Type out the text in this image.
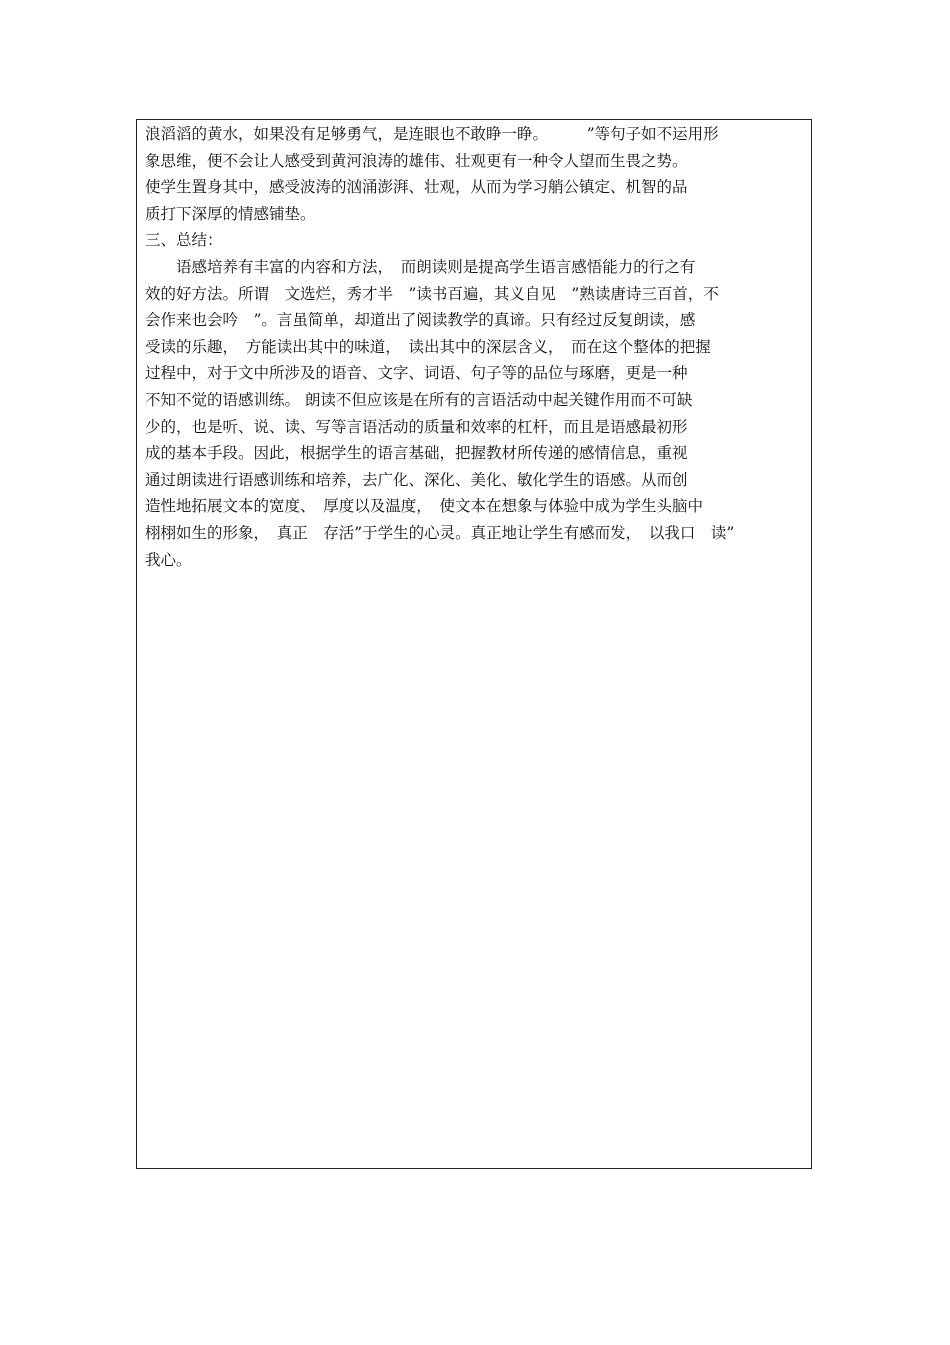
浪滔滔的黄水，如果没有足够勇气，是连眼也不敢睁一睁。　　　”等句子如不运用形
象思维，便不会让人感受到黄河浪涛的雄伟、壮观更有一种令人望而生畏之势。
使学生置身其中，感受波涛的汹涌澎湃、壮观，从而为学习艄公镇定、机智的品
质打下深厚的情感铺垫。
三、总结：
　　语感培养有丰富的内容和方法，　而朗读则是提高学生语言感悟能力的行之有
效的好方法。所谓　文选烂，秀才半　”读书百遍，其义自见　”熟读唐诗三百首，不
会作来也会吟　”。言虽简单，却道出了阅读教学的真谛。只有经过反复朗读，感
受读的乐趣，　方能读出其中的味道，　读出其中的深层含义，　而在这个整体的把握
过程中，对于文中所涉及的语音、文字、词语、句子等的品位与琢磨，更是一种
不知不觉的语感训练。 朗读不但应该是在所有的言语活动中起关键作用而不可缺
少的，也是听、说、读、写等言语活动的质量和效率的杠杆，而且是语感最初形
成的基本手段。因此，根据学生的语言基础，把握教材所传递的感情信息，重视
通过朗读进行语感训练和培养，去广化、深化、美化、敏化学生的语感。从而创
造性地拓展文本的宽度、　厚度以及温度，　使文本在想象与体验中成为学生头脑中
栩栩如生的形象，　真正　存活”于学生的心灵。真正地让学生有感而发，　以我口　读”
我心。
